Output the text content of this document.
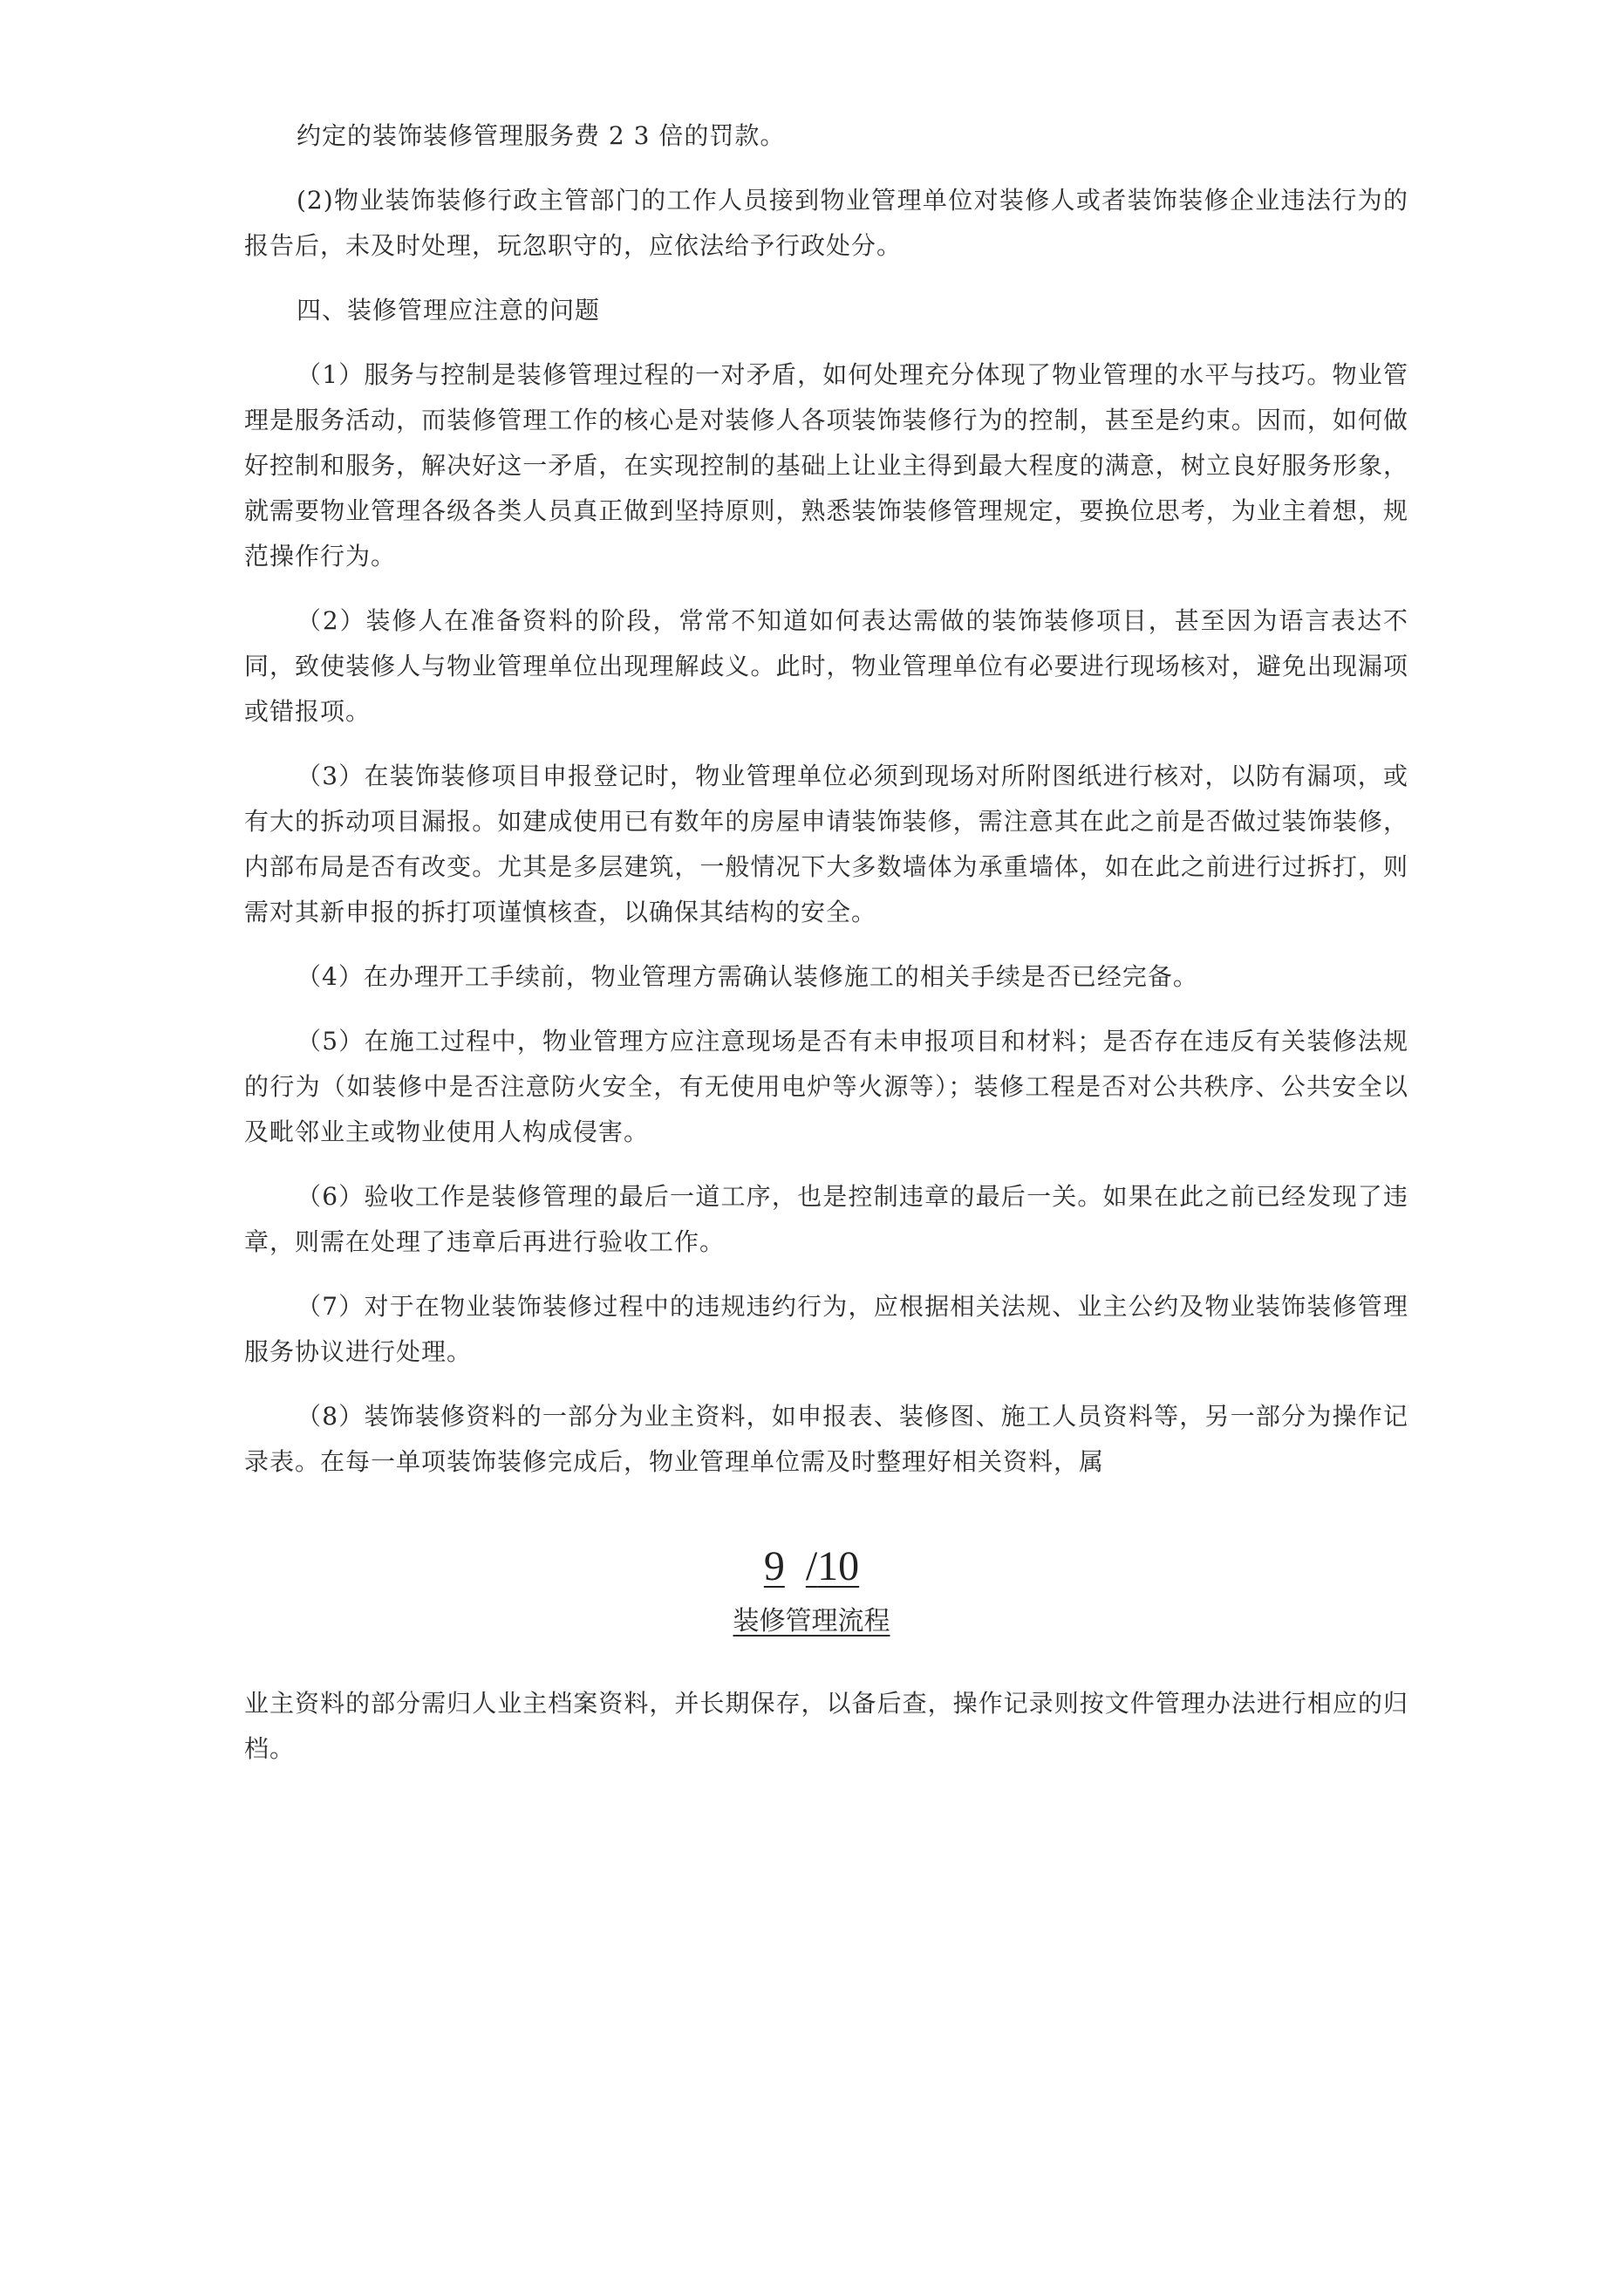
约定的装饰装修管理服务费 2 3 倍的罚款。

(2)物业装饰装修行政主管部门的工作人员接到物业管理单位对装修人或者装饰装修企业违法行为的报告后，未及时处理，玩忽职守的，应依法给予行政处分。

四、装修管理应注意的问题

（1）服务与控制是装修管理过程的一对矛盾，如何处理充分体现了物业管理的水平与技巧。物业管理是服务活动，而装修管理工作的核心是对装修人各项装饰装修行为的控制，甚至是约束。因而，如何做好控制和服务，解决好这一矛盾，在实现控制的基础上让业主得到最大程度的满意，树立良好服务形象，就需要物业管理各级各类人员真正做到坚持原则，熟悉装饰装修管理规定，要换位思考，为业主着想，规范操作行为。

（2）装修人在准备资料的阶段，常常不知道如何表达需做的装饰装修项目，甚至因为语言表达不同，致使装修人与物业管理单位出现理解歧义。此时，物业管理单位有必要进行现场核对，避免出现漏项或错报项。

（3）在装饰装修项目申报登记时，物业管理单位必须到现场对所附图纸进行核对，以防有漏项，或有大的拆动项目漏报。如建成使用已有数年的房屋申请装饰装修，需注意其在此之前是否做过装饰装修，内部布局是否有改变。尤其是多层建筑，一般情况下大多数墙体为承重墙体，如在此之前进行过拆打，则需对其新申报的拆打项谨慎核查，以确保其结构的安全。

（4）在办理开工手续前，物业管理方需确认装修施工的相关手续是否已经完备。

（5）在施工过程中，物业管理方应注意现场是否有未申报项目和材料；是否存在违反有关装修法规的行为（如装修中是否注意防火安全，有无使用电炉等火源等）；装修工程是否对公共秩序、公共安全以及毗邻业主或物业使用人构成侵害。

（6）验收工作是装修管理的最后一道工序，也是控制违章的最后一关。如果在此之前已经发现了违章，则需在处理了违章后再进行验收工作。

（7）对于在物业装饰装修过程中的违规违约行为，应根据相关法规、业主公约及物业装饰装修管理服务协议进行处理。

（8）装饰装修资料的一部分为业主资料，如申报表、装修图、施工人员资料等，另一部分为操作记录表。在每一单项装饰装修完成后，物业管理单位需及时整理好相关资料，属

9 /10
装修管理流程

业主资料的部分需归人业主档案资料，并长期保存，以备后查，操作记录则按文件管理办法进行相应的归档。
